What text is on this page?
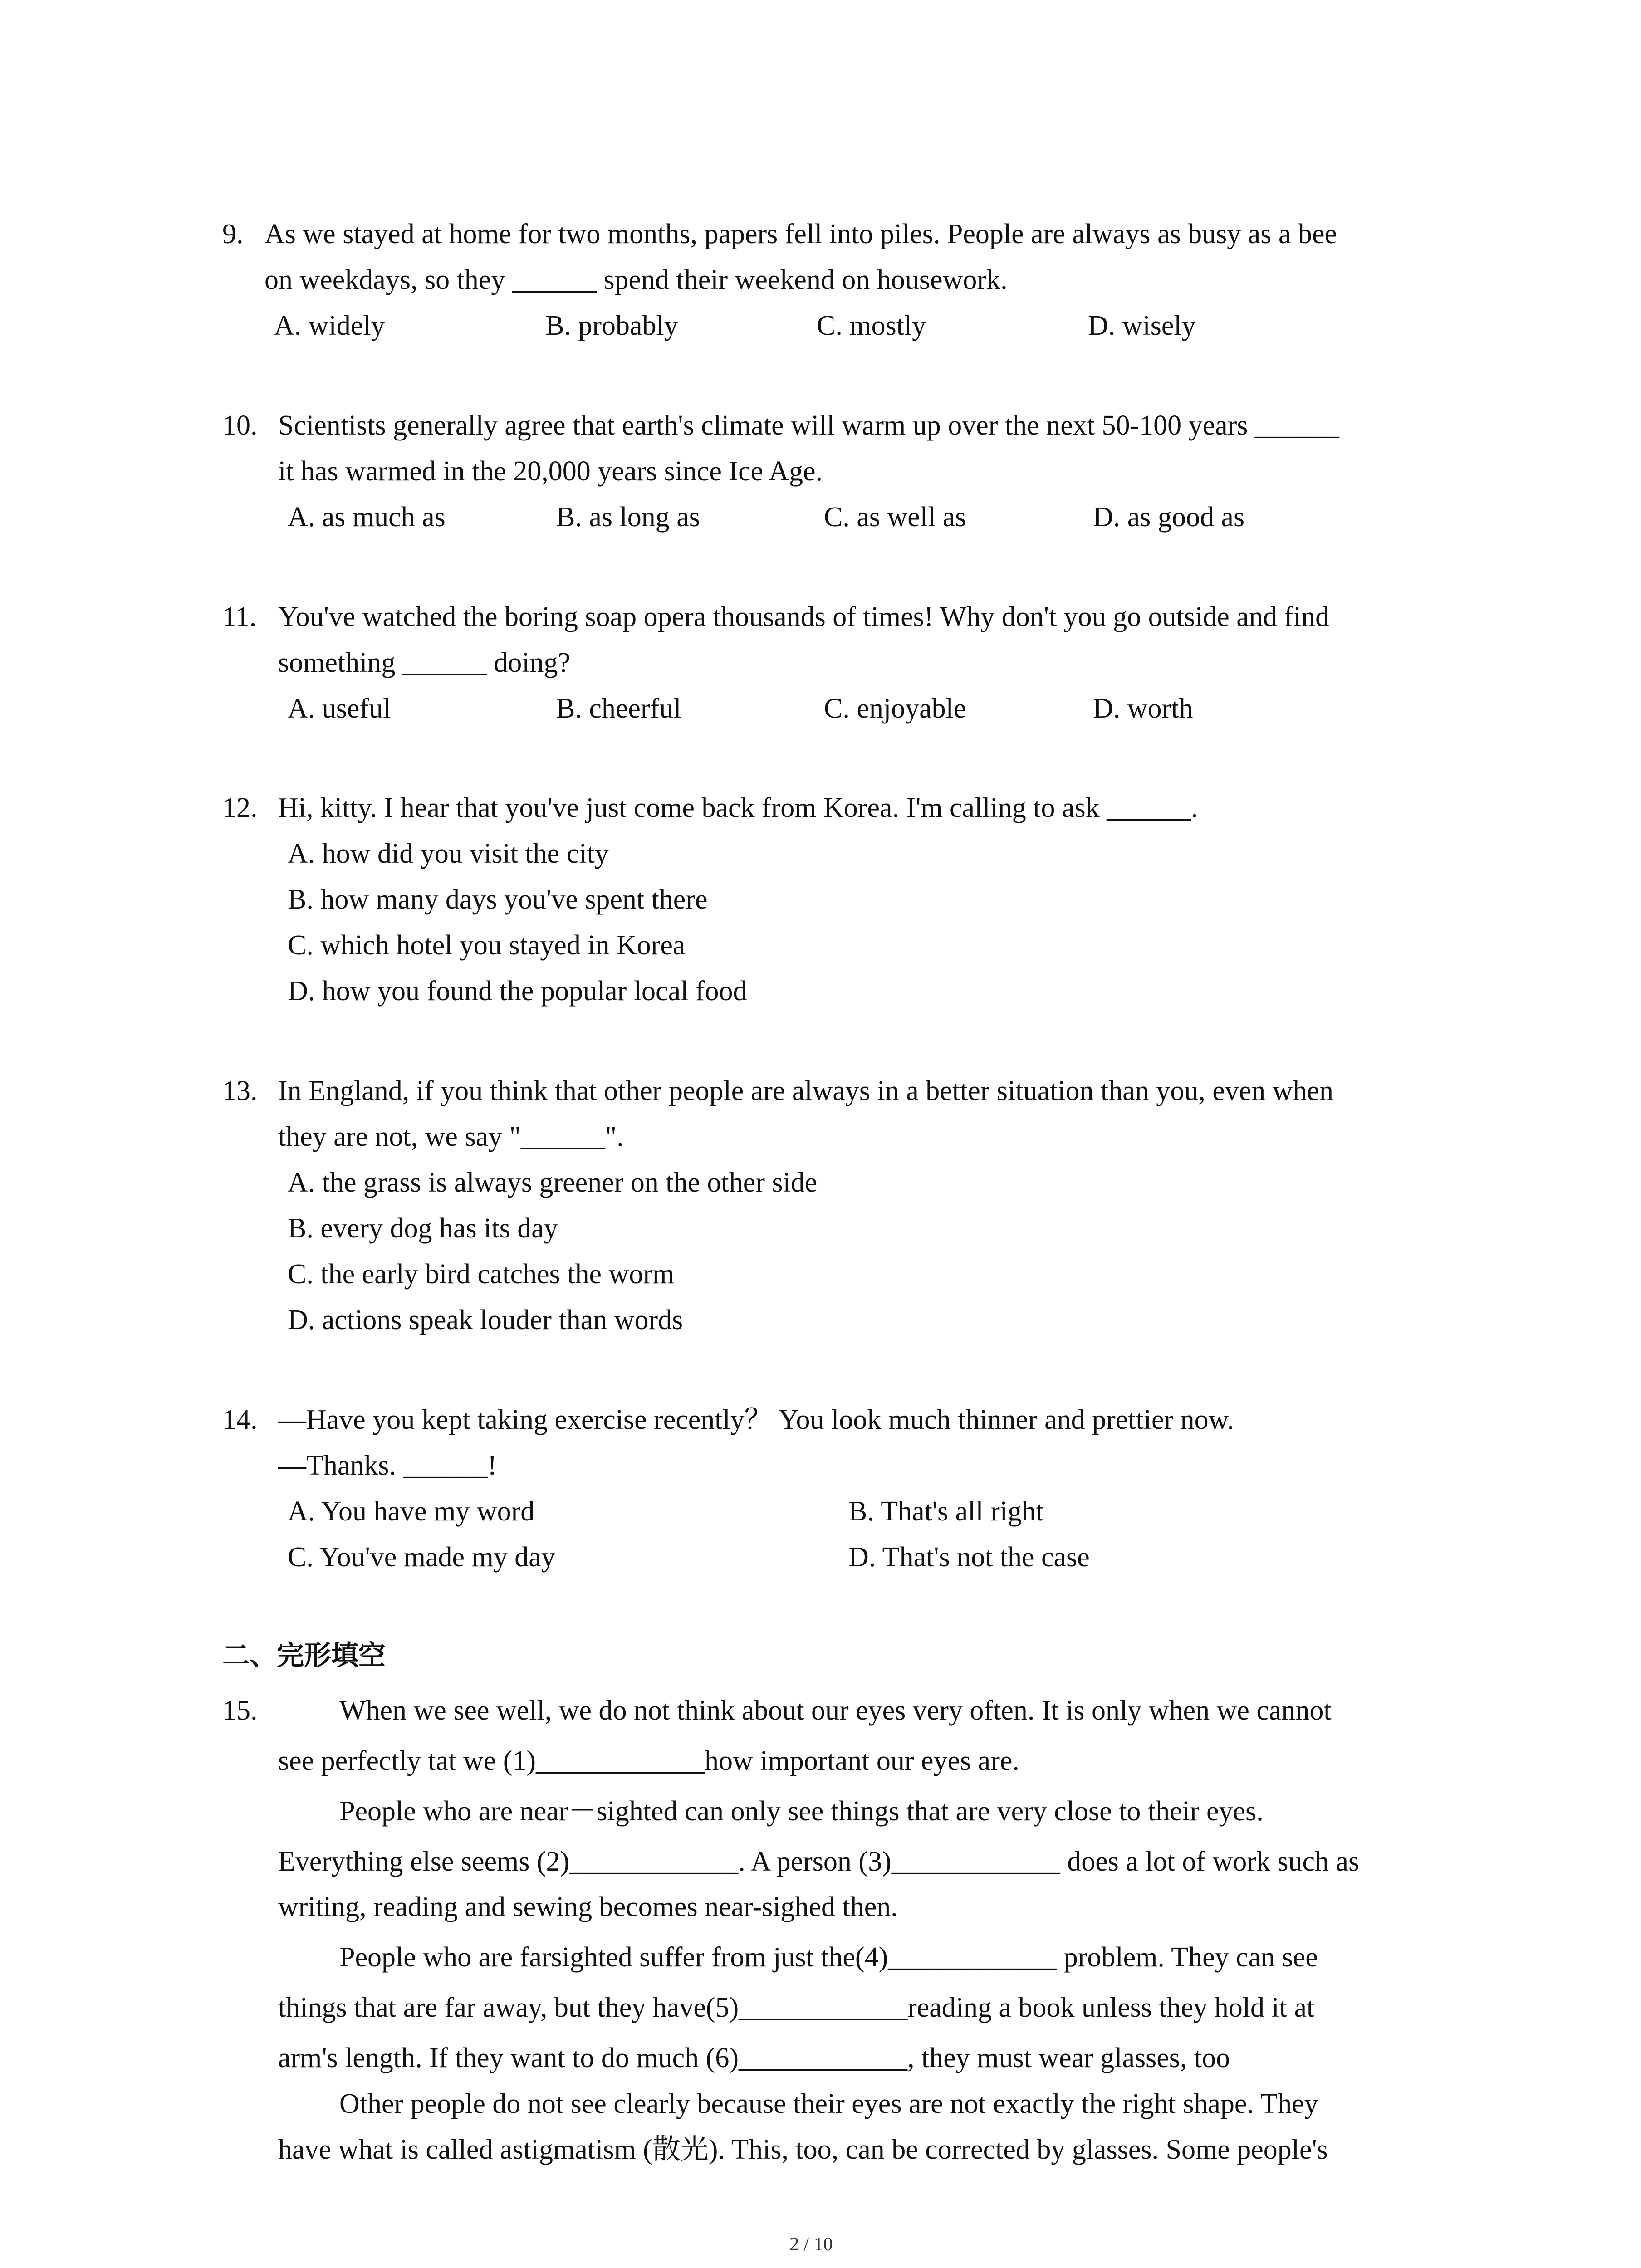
9. As we stayed at home for two months, papers fell into piles. People are always as busy as a bee
on weekdays, so they ______ spend their weekend on housework.
A. widely	B. probably	C. mostly	D. wisely
10. Scientists generally agree that earth's climate will warm up over the next 50-100 years ______
it has warmed in the 20,000 years since Ice Age.
A. as much as	B. as long as	C. as well as	D. as good as
11. You've watched the boring soap opera thousands of times! Why don't you go outside and find
something ______ doing?
A. useful	B. cheerful	C. enjoyable	D. worth
12. Hi, kitty. I hear that you've just come back from Korea. I'm calling to ask ______.
A. how did you visit the city
B. how many days you've spent there
C. which hotel you stayed in Korea
D. how you found the popular local food
13. In England, if you think that other people are always in a better situation than you, even when
they are not, we say "______".
A. the grass is always greener on the other side
B. every dog has its day
C. the early bird catches the worm
D. actions speak louder than words
14. —Have you kept taking exercise recently？ You look much thinner and prettier now.
—Thanks. ______!
A. You have my word	B. That's all right
C. You've made my day	D. That's not the case
二、完形填空
15.	When we see well, we do not think about our eyes very often. It is only when we cannot
see perfectly tat we (1)____________how important our eyes are.
People who are near－sighted can only see things that are very close to their eyes.
Everything else seems (2)____________. A person (3)____________ does a lot of work such as
writing, reading and sewing becomes near-sighed then.
People who are farsighted suffer from just the(4)____________ problem. They can see
things that are far away, but they have(5)____________reading a book unless they hold it at
arm's length. If they want to do much (6)____________, they must wear glasses, too
Other people do not see clearly because their eyes are not exactly the right shape. They
have what is called astigmatism (散光). This, too, can be corrected by glasses. Some people's
2 / 10
